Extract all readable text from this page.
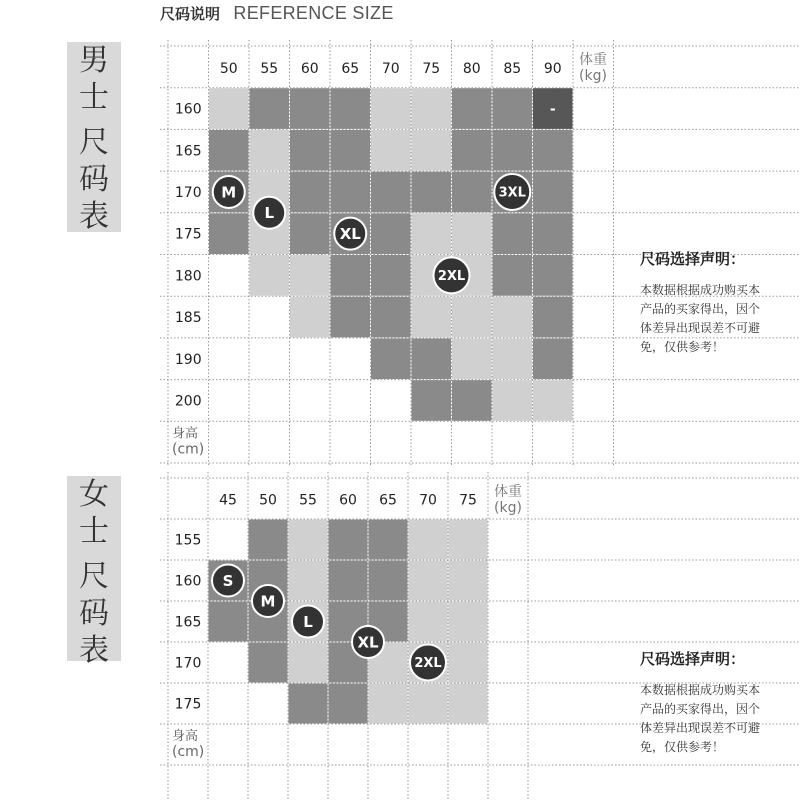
尺码说明 REFERENCE SIZE
男
士
尺
码
表
女
士
尺
码
表
50 55 60 65 70 75 80 85 90
体重
(kg)
160
165
170
175
180
185
190
200
身高
(cm)
-
M
L
XL
2XL
3XL
45 50 55 60 65 70 75
体重
(kg)
155
160
165
170
175
身高
(cm)
S
M
L
XL
2XL
尺码选择声明：
本数据根据成功购买本产品的买家得出，因个体差异出现误差不可避免，仅供参考！
尺码选择声明：
本数据根据成功购买本产品的买家得出，因个体差异出现误差不可避免，仅供参考！
